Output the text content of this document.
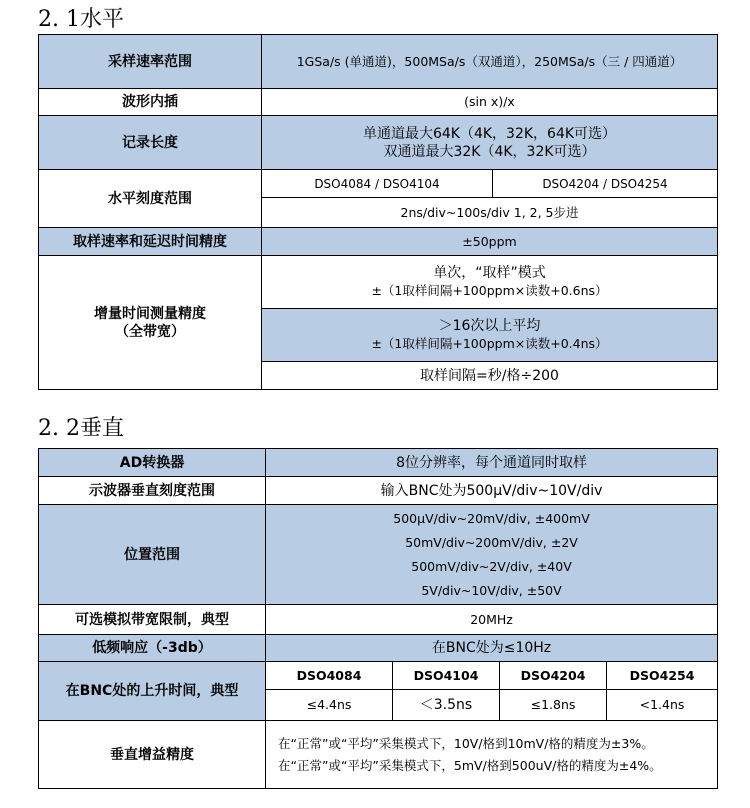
2. 1水平
采样速率范围	1GSa/s (单通道)，500MSa/s（双通道），250MSa/s（三 / 四通道）	
波形内插	(sin x)/x	
记录长度	单通道最大64K（4K，32K，64K可选）
双通道最大32K（4K，32K可选）	

水平刻度范围	DSO4084 / DSO4104	DSO4204 / DSO4254
	2ns/div~100s/div 1, 2, 5步进	
取样速率和延迟时间精度	±50ppm	

增量时间测量精度
（全带宽）	单次，“取样”模式
±（1取样间隔+100ppm×读数+0.6ns）	

	＞16次以上平均
±（1取样间隔+100ppm×读数+0.4ns）	

	取样间隔=秒/格÷200	
2. 2垂直
AD转换器	8位分辨率，每个通道同时取样			
示波器垂直刻度范围	输入BNC处为500μV/div~10V/div			
位置范围	500μV/div~20mV/div, ±400mV
50mV/div~200mV/div, ±2V
500mV/div~2V/div, ±40V
5V/div~10V/div, ±50V			

可选模拟带宽限制，典型	20MHz			
低频响应（-3db）	在BNC处为≤10Hz			
在BNC处的上升时间，典型	DSO4084	DSO4104	DSO4204	DSO4254
	≤4.4ns	＜3.5ns	≤1.8ns	<1.4ns
垂直增益精度	在“正常”或“平均”采集模式下，10V/格到10mV/格的精度为±3%。
在“正常”或“平均”采集模式下，5mV/格到500uV/格的精度为±4%。			
